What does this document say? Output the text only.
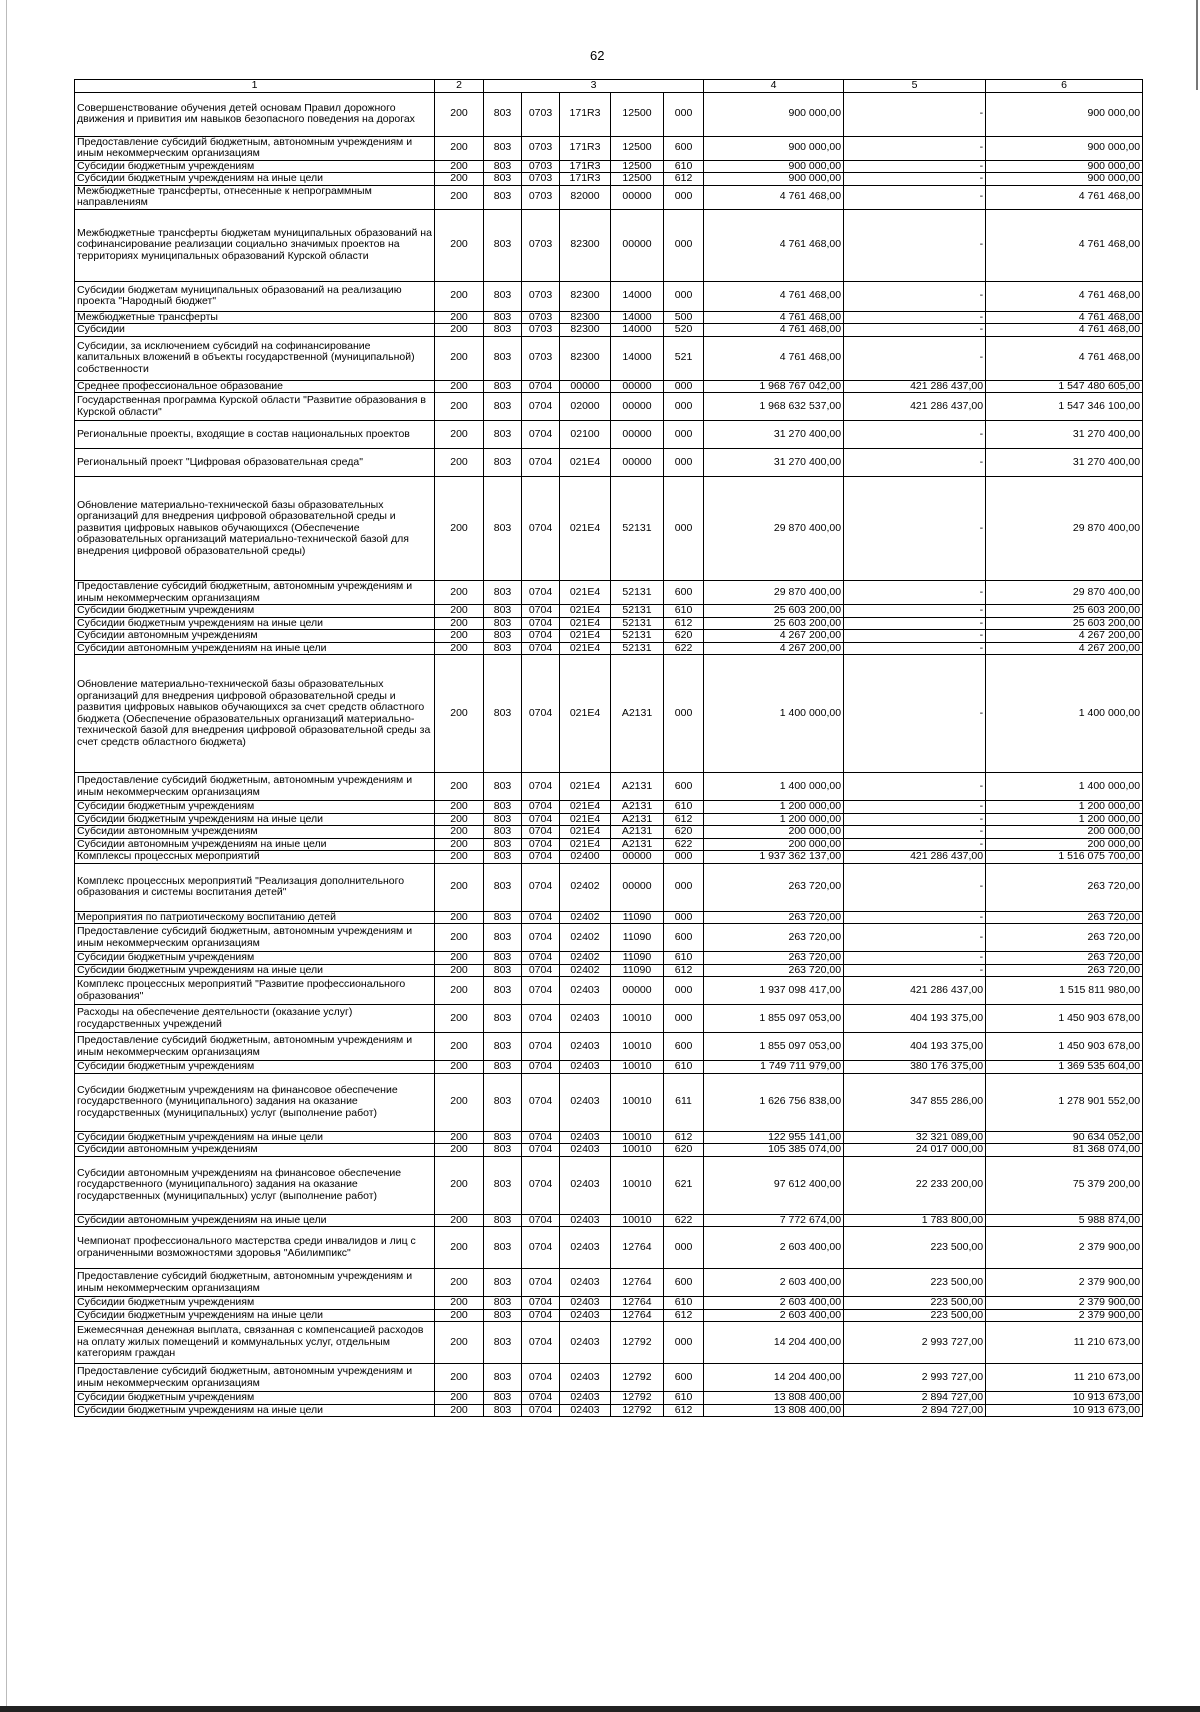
62
1	2	3					4	5	6
Совершенствование обучения детей основам Правил дорожного движения и привития им навыков безопасного поведения на дорогах	200	803	0703	171R3	12500	000	900 000,00	-	900 000,00
Предоставление субсидий бюджетным, автономным учреждениям и иным некоммерческим организациям	200	803	0703	171R3	12500	600	900 000,00	-	900 000,00
Субсидии бюджетным учреждениям	200	803	0703	171R3	12500	610	900 000,00	-	900 000,00
Субсидии бюджетным учреждениям на иные цели	200	803	0703	171R3	12500	612	900 000,00	-	900 000,00
Межбюджетные трансферты, отнесенные к непрограммным направлениям	200	803	0703	82000	00000	000	4 761 468,00	-	4 761 468,00
Межбюджетные трансферты бюджетам муниципальных образований на софинансирование реализации социально значимых проектов на территориях муниципальных образований Курской области	200	803	0703	82300	00000	000	4 761 468,00	-	4 761 468,00
Субсидии бюджетам муниципальных образований на реализацию проекта "Народный бюджет"	200	803	0703	82300	14000	000	4 761 468,00	-	4 761 468,00
Межбюджетные трансферты	200	803	0703	82300	14000	500	4 761 468,00	-	4 761 468,00
Субсидии	200	803	0703	82300	14000	520	4 761 468,00	-	4 761 468,00
Субсидии, за исключением субсидий на софинансирование капитальных вложений в объекты государственной (муниципальной) собственности	200	803	0703	82300	14000	521	4 761 468,00	-	4 761 468,00
Среднее профессиональное образование	200	803	0704	00000	00000	000	1 968 767 042,00	421 286 437,00	1 547 480 605,00
Государственная программа Курской области "Развитие образования в Курской области"	200	803	0704	02000	00000	000	1 968 632 537,00	421 286 437,00	1 547 346 100,00
Региональные проекты, входящие в состав национальных проектов	200	803	0704	02100	00000	000	31 270 400,00	-	31 270 400,00
Региональный проект "Цифровая образовательная среда"	200	803	0704	021E4	00000	000	31 270 400,00	-	31 270 400,00
Обновление материально-технической базы образовательных организаций для внедрения цифровой образовательной среды и развития цифровых навыков обучающихся (Обеспечение образовательных организаций материально-технической базой для внедрения цифровой образовательной среды)	200	803	0704	021E4	52131	000	29 870 400,00	-	29 870 400,00
Предоставление субсидий бюджетным, автономным учреждениям и иным некоммерческим организациям	200	803	0704	021E4	52131	600	29 870 400,00	-	29 870 400,00
Субсидии бюджетным учреждениям	200	803	0704	021E4	52131	610	25 603 200,00	-	25 603 200,00
Субсидии бюджетным учреждениям на иные цели	200	803	0704	021E4	52131	612	25 603 200,00	-	25 603 200,00
Субсидии автономным учреждениям	200	803	0704	021E4	52131	620	4 267 200,00	-	4 267 200,00
Субсидии автономным учреждениям на иные цели	200	803	0704	021E4	52131	622	4 267 200,00	-	4 267 200,00
Обновление материально-технической базы образовательных организаций для внедрения цифровой образовательной среды и развития цифровых навыков обучающихся за счет средств областного бюджета (Обеспечение образовательных организаций материально-технической базой для внедрения цифровой образовательной среды за счет средств областного бюджета)	200	803	0704	021E4	A2131	000	1 400 000,00	-	1 400 000,00
Предоставление субсидий бюджетным, автономным учреждениям и иным некоммерческим организациям	200	803	0704	021E4	A2131	600	1 400 000,00	-	1 400 000,00
Субсидии бюджетным учреждениям	200	803	0704	021E4	A2131	610	1 200 000,00	-	1 200 000,00
Субсидии бюджетным учреждениям на иные цели	200	803	0704	021E4	A2131	612	1 200 000,00	-	1 200 000,00
Субсидии автономным учреждениям	200	803	0704	021E4	A2131	620	200 000,00	-	200 000,00
Субсидии автономным учреждениям на иные цели	200	803	0704	021E4	A2131	622	200 000,00	-	200 000,00
Комплексы процессных мероприятий	200	803	0704	02400	00000	000	1 937 362 137,00	421 286 437,00	1 516 075 700,00
Комплекс процессных мероприятий "Реализация дополнительного образования и системы воспитания детей"	200	803	0704	02402	00000	000	263 720,00	-	263 720,00
Мероприятия по патриотическому воспитанию детей	200	803	0704	02402	11090	000	263 720,00	-	263 720,00
Предоставление субсидий бюджетным, автономным учреждениям и иным некоммерческим организациям	200	803	0704	02402	11090	600	263 720,00	-	263 720,00
Субсидии бюджетным учреждениям	200	803	0704	02402	11090	610	263 720,00	-	263 720,00
Субсидии бюджетным учреждениям на иные цели	200	803	0704	02402	11090	612	263 720,00	-	263 720,00
Комплекс процессных мероприятий "Развитие профессионального образования"	200	803	0704	02403	00000	000	1 937 098 417,00	421 286 437,00	1 515 811 980,00
Расходы на обеспечение деятельности (оказание услуг) государственных учреждений	200	803	0704	02403	10010	000	1 855 097 053,00	404 193 375,00	1 450 903 678,00
Предоставление субсидий бюджетным, автономным учреждениям и иным некоммерческим организациям	200	803	0704	02403	10010	600	1 855 097 053,00	404 193 375,00	1 450 903 678,00
Субсидии бюджетным учреждениям	200	803	0704	02403	10010	610	1 749 711 979,00	380 176 375,00	1 369 535 604,00
Субсидии бюджетным учреждениям на финансовое обеспечение государственного (муниципального) задания на оказание государственных (муниципальных) услуг (выполнение работ)	200	803	0704	02403	10010	611	1 626 756 838,00	347 855 286,00	1 278 901 552,00
Субсидии бюджетным учреждениям на иные цели	200	803	0704	02403	10010	612	122 955 141,00	32 321 089,00	90 634 052,00
Субсидии автономным учреждениям	200	803	0704	02403	10010	620	105 385 074,00	24 017 000,00	81 368 074,00
Субсидии автономным учреждениям на финансовое обеспечение государственного (муниципального) задания на оказание государственных (муниципальных) услуг (выполнение работ)	200	803	0704	02403	10010	621	97 612 400,00	22 233 200,00	75 379 200,00
Субсидии автономным учреждениям на иные цели	200	803	0704	02403	10010	622	7 772 674,00	1 783 800,00	5 988 874,00
Чемпионат профессионального мастерства среди инвалидов и лиц с ограниченными возможностями здоровья "Абилимпикс"	200	803	0704	02403	12764	000	2 603 400,00	223 500,00	2 379 900,00
Предоставление субсидий бюджетным, автономным учреждениям и иным некоммерческим организациям	200	803	0704	02403	12764	600	2 603 400,00	223 500,00	2 379 900,00
Субсидии бюджетным учреждениям	200	803	0704	02403	12764	610	2 603 400,00	223 500,00	2 379 900,00
Субсидии бюджетным учреждениям на иные цели	200	803	0704	02403	12764	612	2 603 400,00	223 500,00	2 379 900,00
Ежемесячная денежная выплата, связанная с компенсацией расходов на оплату жилых помещений и коммунальных услуг, отдельным категориям граждан	200	803	0704	02403	12792	000	14 204 400,00	2 993 727,00	11 210 673,00
Предоставление субсидий бюджетным, автономным учреждениям и иным некоммерческим организациям	200	803	0704	02403	12792	600	14 204 400,00	2 993 727,00	11 210 673,00
Субсидии бюджетным учреждениям	200	803	0704	02403	12792	610	13 808 400,00	2 894 727,00	10 913 673,00
Субсидии бюджетным учреждениям на иные цели	200	803	0704	02403	12792	612	13 808 400,00	2 894 727,00	10 913 673,00
